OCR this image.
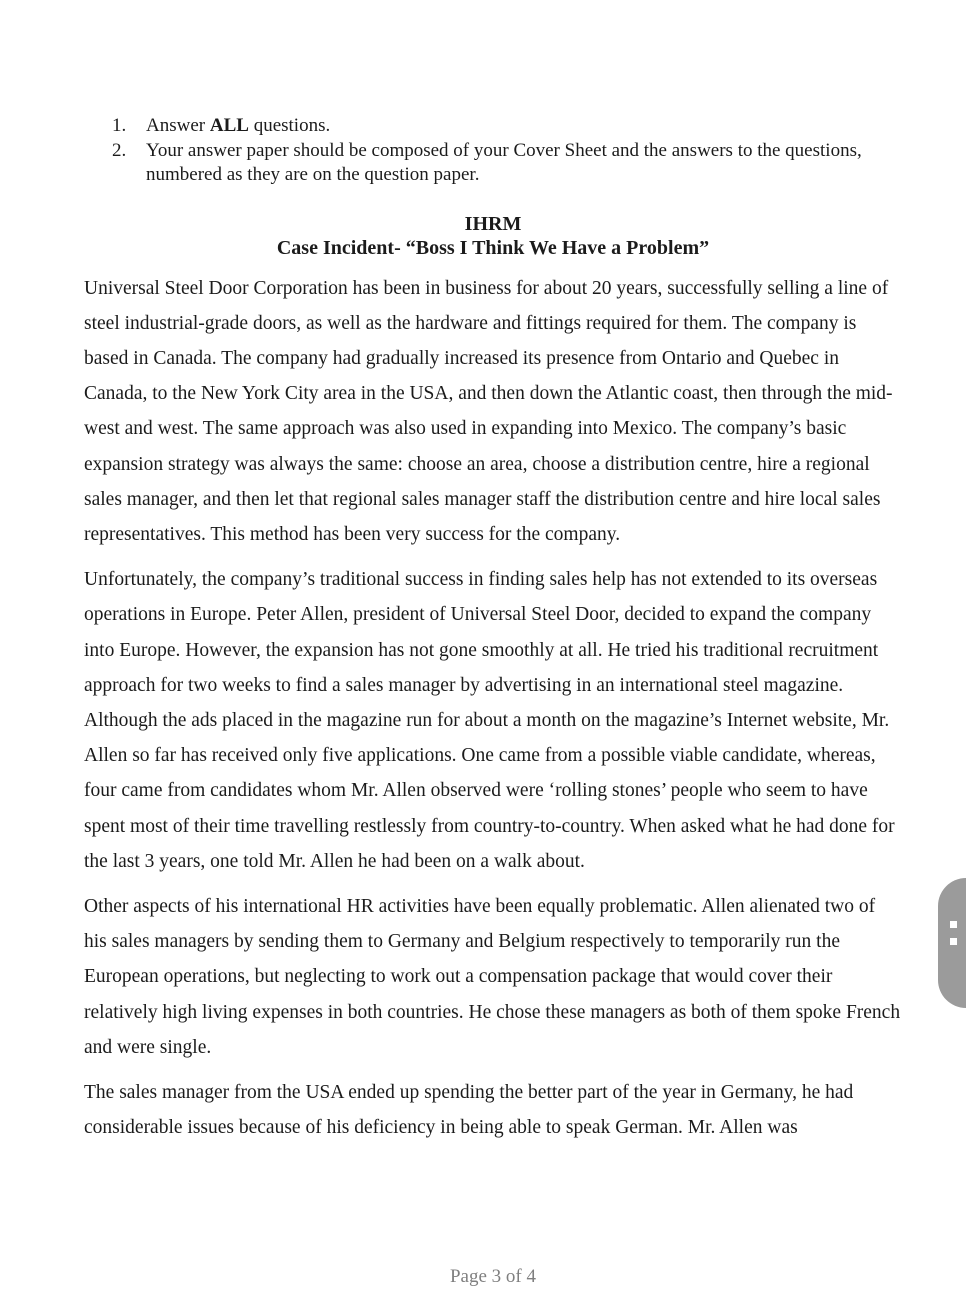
1.	Answer ALL questions.
2.	Your answer paper should be composed of your Cover Sheet and the answers to the questions, numbered as they are on the question paper.
IHRM
Case Incident- “Boss I Think We Have a Problem”

Universal Steel Door Corporation has been in business for about 20 years, successfully selling a line of steel industrial-grade doors, as well as the hardware and fittings required for them. The company is based in Canada. The company had gradually increased its presence from Ontario and Quebec in Canada, to the New York City area in the USA, and then down the Atlantic coast, then through the mid-west and west. The same approach was also used in expanding into Mexico. The company’s basic expansion strategy was always the same: choose an area, choose a distribution centre, hire a regional sales manager, and then let that regional sales manager staff the distribution centre and hire local sales representatives. This method has been very success for the company.

Unfortunately, the company’s traditional success in finding sales help has not extended to its overseas operations in Europe. Peter Allen, president of Universal Steel Door, decided to expand the company into Europe. However, the expansion has not gone smoothly at all. He tried his traditional recruitment approach for two weeks to find a sales manager by advertising in an international steel magazine. Although the ads placed in the magazine run for about a month on the magazine’s Internet website, Mr. Allen so far has received only five applications. One came from a possible viable candidate, whereas, four came from candidates whom Mr. Allen observed were ‘rolling stones’ people who seem to have spent most of their time travelling restlessly from country-to-country. When asked what he had done for the last 3 years, one told Mr. Allen he had been on a walk about.

Other aspects of his international HR activities have been equally problematic. Allen alienated two of his sales managers by sending them to Germany and Belgium respectively to temporarily run the European operations, but neglecting to work out a compensation package that would cover their relatively high living expenses in both countries. He chose these managers as both of them spoke French and were single.

The sales manager from the USA ended up spending the better part of the year in Germany, he had considerable issues because of his deficiency in being able to speak German. Mr. Allen was

Page 3 of 4
